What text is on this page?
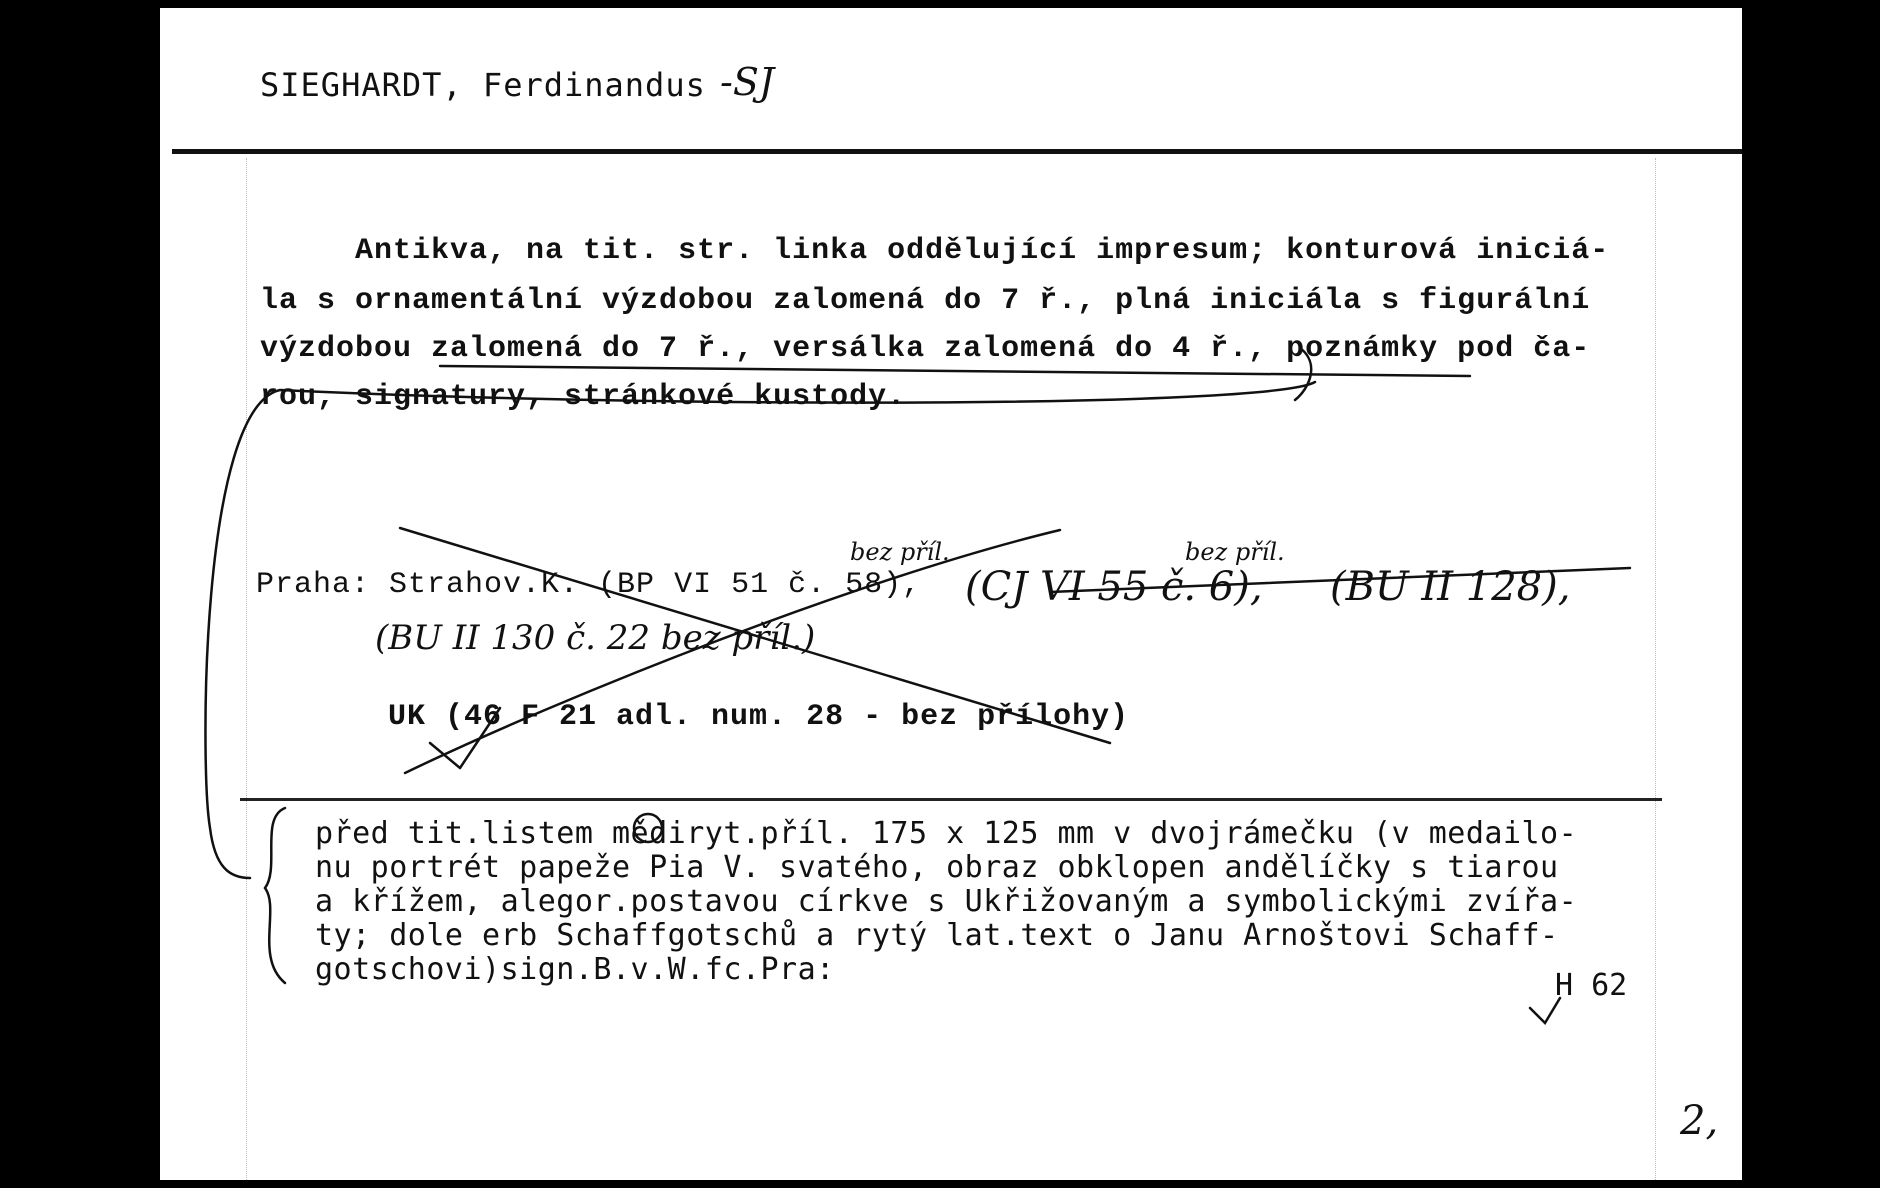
SIEGHARDT, Ferdinandus -SJ
Antikva, na tit. str. linka oddělující impresum; konturová iniciá-
la s ornamentální výzdobou zalomená do 7 ř., plná iniciála s figurální
výzdobou zalomená do 7 ř., versálka zalomená do 4 ř., poznámky pod ča-
rou, signatury, stránkové kustody.
Praha: Strahov.K. (BP VI 51 č. 58), (CJ VI 55 č. 6), (BU II 128),
(BU II 130 č. 22 bez příl.)
bez příl.	bez příl.
UK (46 F 21 adl. num. 28 - bez přílohy)
před tit.listem mědiryt.příl. 175 x 125 mm v dvojrámečku (v medailo-
nu portrét papeže Pia V. svatého, obraz obklopen andělíčky s tiarou
a křížem, alegor.postavou církve s Ukřižovaným a symbolickými zvířa-
ty; dole erb Schaffgotschů a rytý lat.text o Janu Arnoštovi Schaff-
gotschovi)sign.B.v.W.fc.Pra:	H 62
2,
